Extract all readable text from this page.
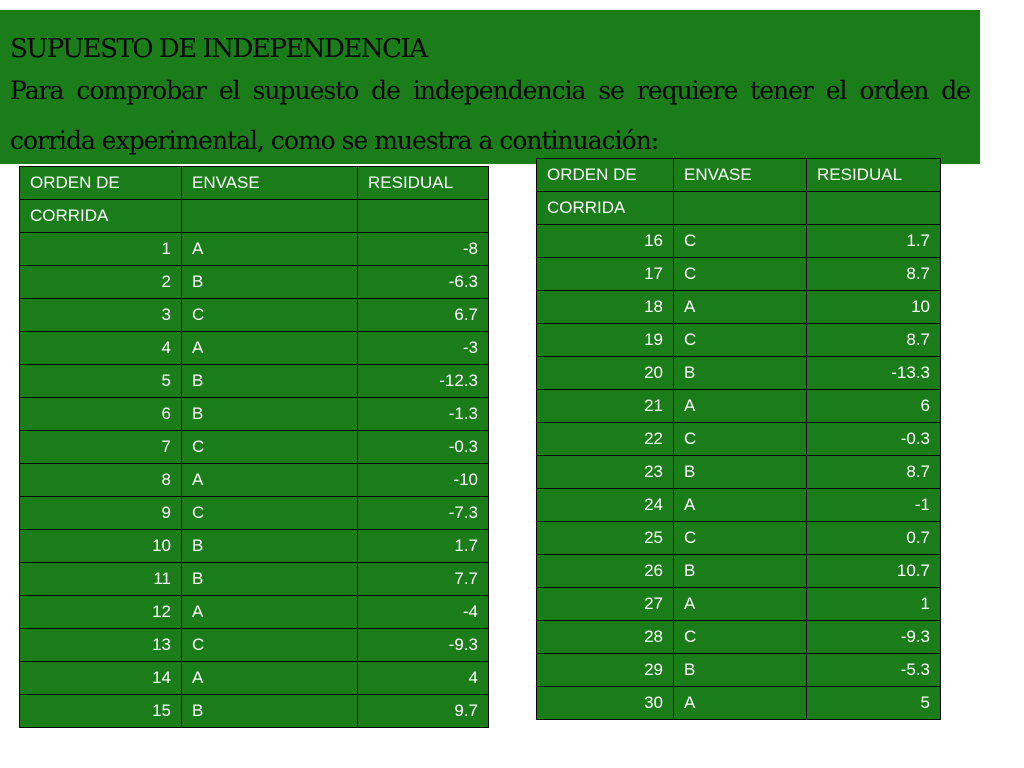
SUPUESTO DE INDEPENDENCIA

Para comprobar el supuesto de independencia se requiere tener el orden de corrida experimental, como se muestra a continuación:

ORDEN DE	ENVASE	RESIDUAL
CORRIDA		
1	A	-8
2	B	-6.3
3	C	6.7
4	A	-3
5	B	-12.3
6	B	-1.3
7	C	-0.3
8	A	-10
9	C	-7.3
10	B	1.7
11	B	7.7
12	A	-4
13	C	-9.3
14	A	4
15	B	9.7
ORDEN DE	ENVASE	RESIDUAL
CORRIDA		
16	C	1.7
17	C	8.7
18	A	10
19	C	8.7
20	B	-13.3
21	A	6
22	C	-0.3
23	B	8.7
24	A	-1
25	C	0.7
26	B	10.7
27	A	1
28	C	-9.3
29	B	-5.3
30	A	5
